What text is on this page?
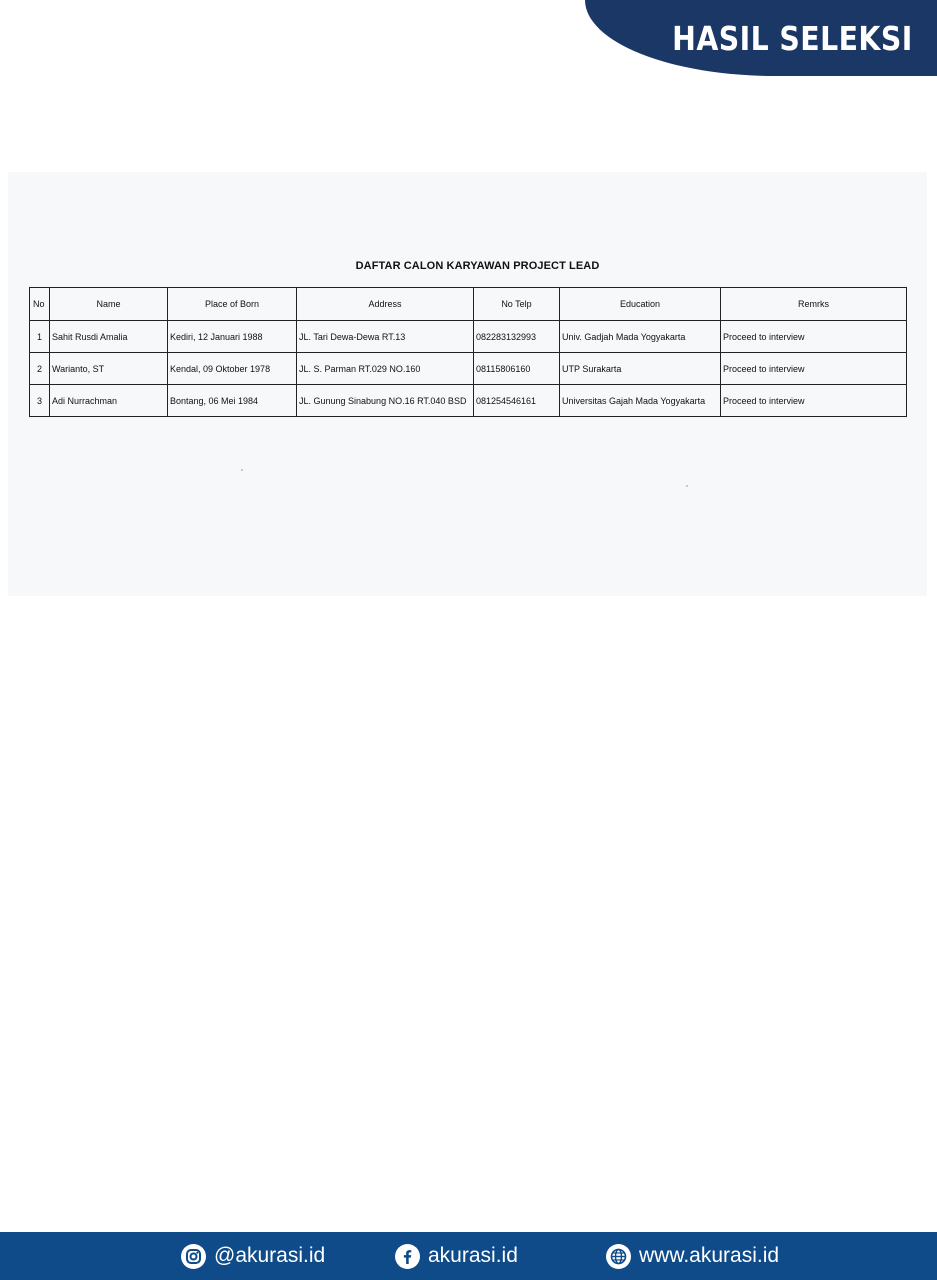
HASIL SELEKSI
DAFTAR CALON KARYAWAN PROJECT LEAD
No	Name	Place of Born	Address	No Telp	Education	Remrks
1	Sahit Rusdi Amalia	Kediri, 12 Januari 1988	JL. Tari Dewa-Dewa RT.13	082283132993	Univ. Gadjah Mada Yogyakarta	Proceed to interview
2	Warianto, ST	Kendal, 09 Oktober 1978	JL. S. Parman RT.029 NO.160	08115806160	UTP Surakarta	Proceed to interview
3	Adi Nurrachman	Bontang, 06 Mei 1984	JL. Gunung Sinabung NO.16 RT.040 BSD	081254546161	Universitas Gajah Mada Yogyakarta	Proceed to interview
@akurasi.id	akurasi.id	www.akurasi.id
